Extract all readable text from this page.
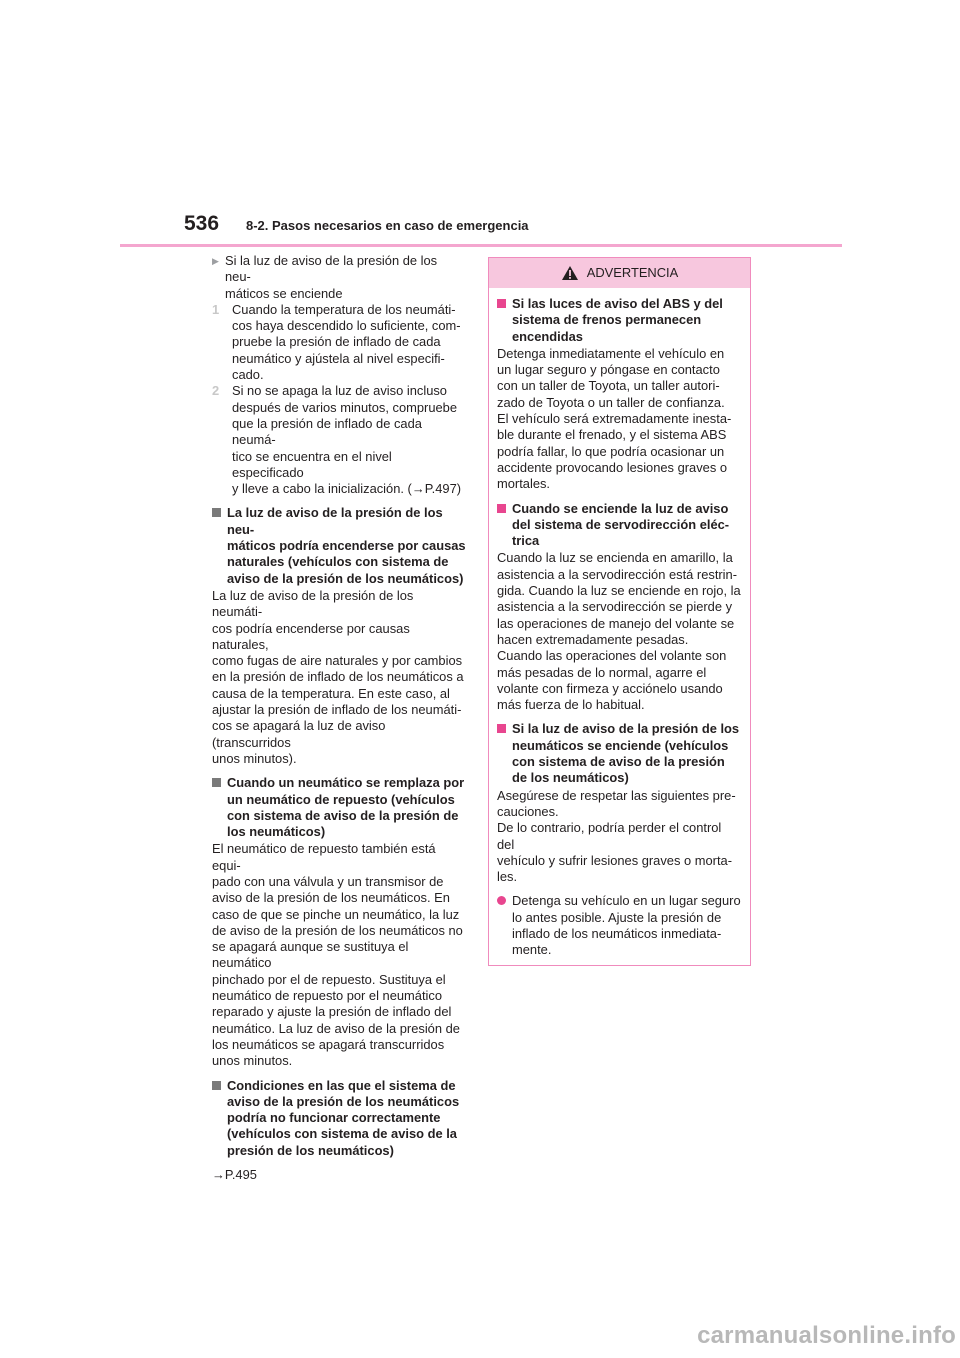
536 8-2. Pasos necesarios en caso de emergencia
▶ Si la luz de aviso de la presión de los neu-
máticos se enciende
1 Cuando la temperatura de los neumáti-
cos haya descendido lo suficiente, com-
pruebe la presión de inflado de cada
neumático y ajústela al nivel especifi-
cado.
2 Si no se apaga la luz de aviso incluso
después de varios minutos, compruebe
que la presión de inflado de cada neumá-
tico se encuentra en el nivel especificado
y lleve a cabo la inicialización. (→P.497)
La luz de aviso de la presión de los neu-
máticos podría encenderse por causas
naturales (vehículos con sistema de
aviso de la presión de los neumáticos)
La luz de aviso de la presión de los neumáti-
cos podría encenderse por causas naturales,
como fugas de aire naturales y por cambios
en la presión de inflado de los neumáticos a
causa de la temperatura. En este caso, al
ajustar la presión de inflado de los neumáti-
cos se apagará la luz de aviso (transcurridos
unos minutos).
Cuando un neumático se remplaza por
un neumático de repuesto (vehículos
con sistema de aviso de la presión de
los neumáticos)
El neumático de repuesto también está equi-
pado con una válvula y un transmisor de
aviso de la presión de los neumáticos. En
caso de que se pinche un neumático, la luz
de aviso de la presión de los neumáticos no
se apagará aunque se sustituya el neumático
pinchado por el de repuesto. Sustituya el
neumático de repuesto por el neumático
reparado y ajuste la presión de inflado del
neumático. La luz de aviso de la presión de
los neumáticos se apagará transcurridos
unos minutos.
Condiciones en las que el sistema de
aviso de la presión de los neumáticos
podría no funcionar correctamente
(vehículos con sistema de aviso de la
presión de los neumáticos)
→P.495
ADVERTENCIA
Si las luces de aviso del ABS y del
sistema de frenos permanecen
encendidas
Detenga inmediatamente el vehículo en
un lugar seguro y póngase en contacto
con un taller de Toyota, un taller autori-
zado de Toyota o un taller de confianza.
El vehículo será extremadamente inesta-
ble durante el frenado, y el sistema ABS
podría fallar, lo que podría ocasionar un
accidente provocando lesiones graves o
mortales.
Cuando se enciende la luz de aviso
del sistema de servodirección eléc-
trica
Cuando la luz se encienda en amarillo, la
asistencia a la servodirección está restrin-
gida. Cuando la luz se enciende en rojo, la
asistencia a la servodirección se pierde y
las operaciones de manejo del volante se
hacen extremadamente pesadas.
Cuando las operaciones del volante son
más pesadas de lo normal, agarre el
volante con firmeza y acciónelo usando
más fuerza de lo habitual.
Si la luz de aviso de la presión de los
neumáticos se enciende (vehículos
con sistema de aviso de la presión
de los neumáticos)
Asegúrese de respetar las siguientes pre-
cauciones.
De lo contrario, podría perder el control del
vehículo y sufrir lesiones graves o morta-
les.
Detenga su vehículo en un lugar seguro
lo antes posible. Ajuste la presión de
inflado de los neumáticos inmediata-
mente.
carmanualsonline.info
